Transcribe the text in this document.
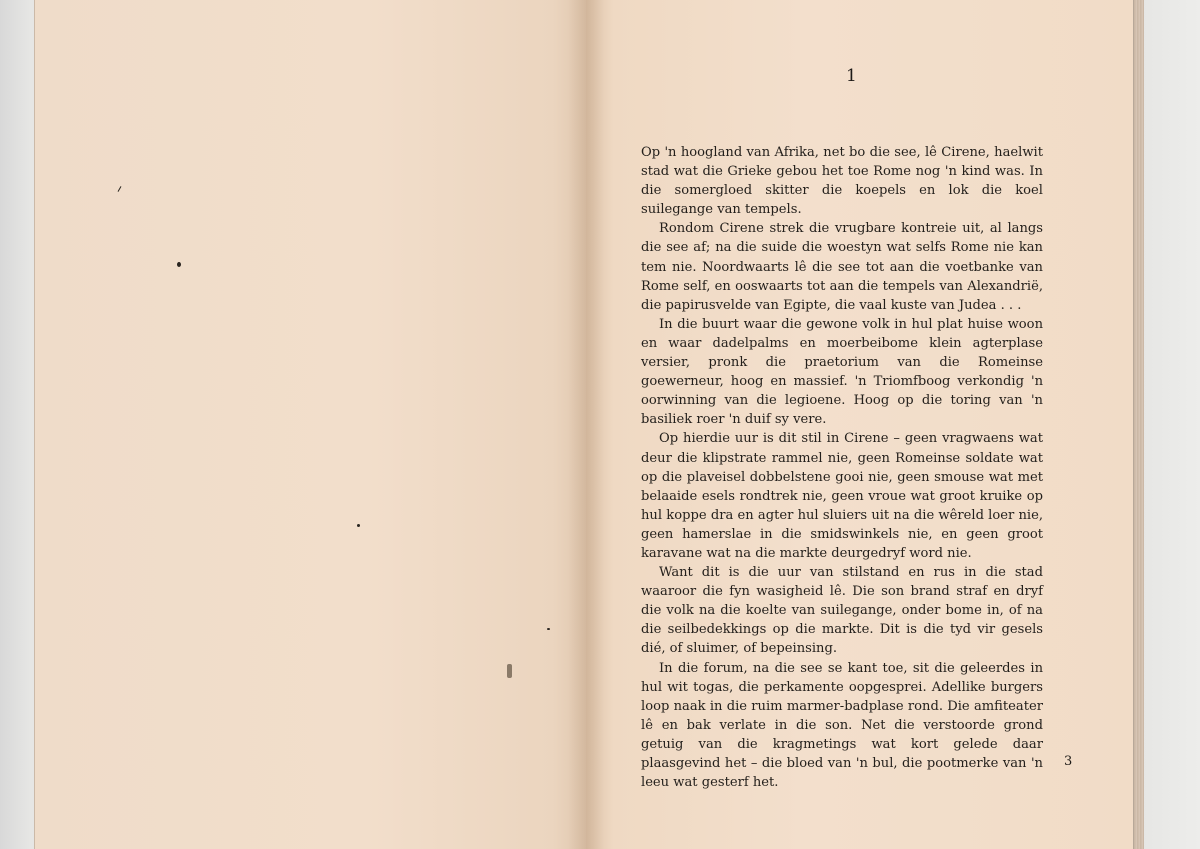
1

Op 'n hoogland van Afrika, net bo die see, lê Cirene, haelwit stad wat die Grieke gebou het toe Rome nog 'n kind was. In die somergloed skitter die koepels en lok die koel suilegange van tempels.

Rondom Cirene strek die vrugbare kontreie uit, al langs die see af; na die suide die woestyn wat selfs Rome nie kan tem nie. Noordwaarts lê die see tot aan die voetbanke van Rome self, en ooswaarts tot aan die tempels van Alexandrië, die papirusvelde van Egipte, die vaal kuste van Judea . . .

In die buurt waar die gewone volk in hul plat huise woon en waar dadelpalms en moerbeibome klein agterplase versier, pronk die praetorium van die Romeinse goewerneur, hoog en massief. 'n Triomfboog verkondig 'n oorwinning van die legioene. Hoog op die toring van 'n basiliek roer 'n duif sy vere.

Op hierdie uur is dit stil in Cirene – geen vragwaens wat deur die klipstrate rammel nie, geen Romeinse soldate wat op die plaveisel dobbelstene gooi nie, geen smouse wat met belaaide esels rondtrek nie, geen vroue wat groot kruike op hul koppe dra en agter hul sluiers uit na die wêreld loer nie, geen hamerslae in die smidswinkels nie, en geen groot karavane wat na die markte deurgedryf word nie.

Want dit is die uur van stilstand en rus in die stad waaroor die fyn wasigheid lê. Die son brand straf en dryf die volk na die koelte van suilegange, onder bome in, of na die seilbedekkings op die markte. Dit is die tyd vir gesels dié, of sluimer, of bepeinsing.

In die forum, na die see se kant toe, sit die geleerdes in hul wit togas, die perkamente oopgesprei. Adellike burgers loop naak in die ruim marmer-badplase rond. Die amfiteater lê en bak verlate in die son. Net die verstoorde grond getuig van die kragmetings wat kort gelede daar plaasgevind het – die bloed van 'n bul, die pootmerke van 'n leeu wat gesterf het.

3
